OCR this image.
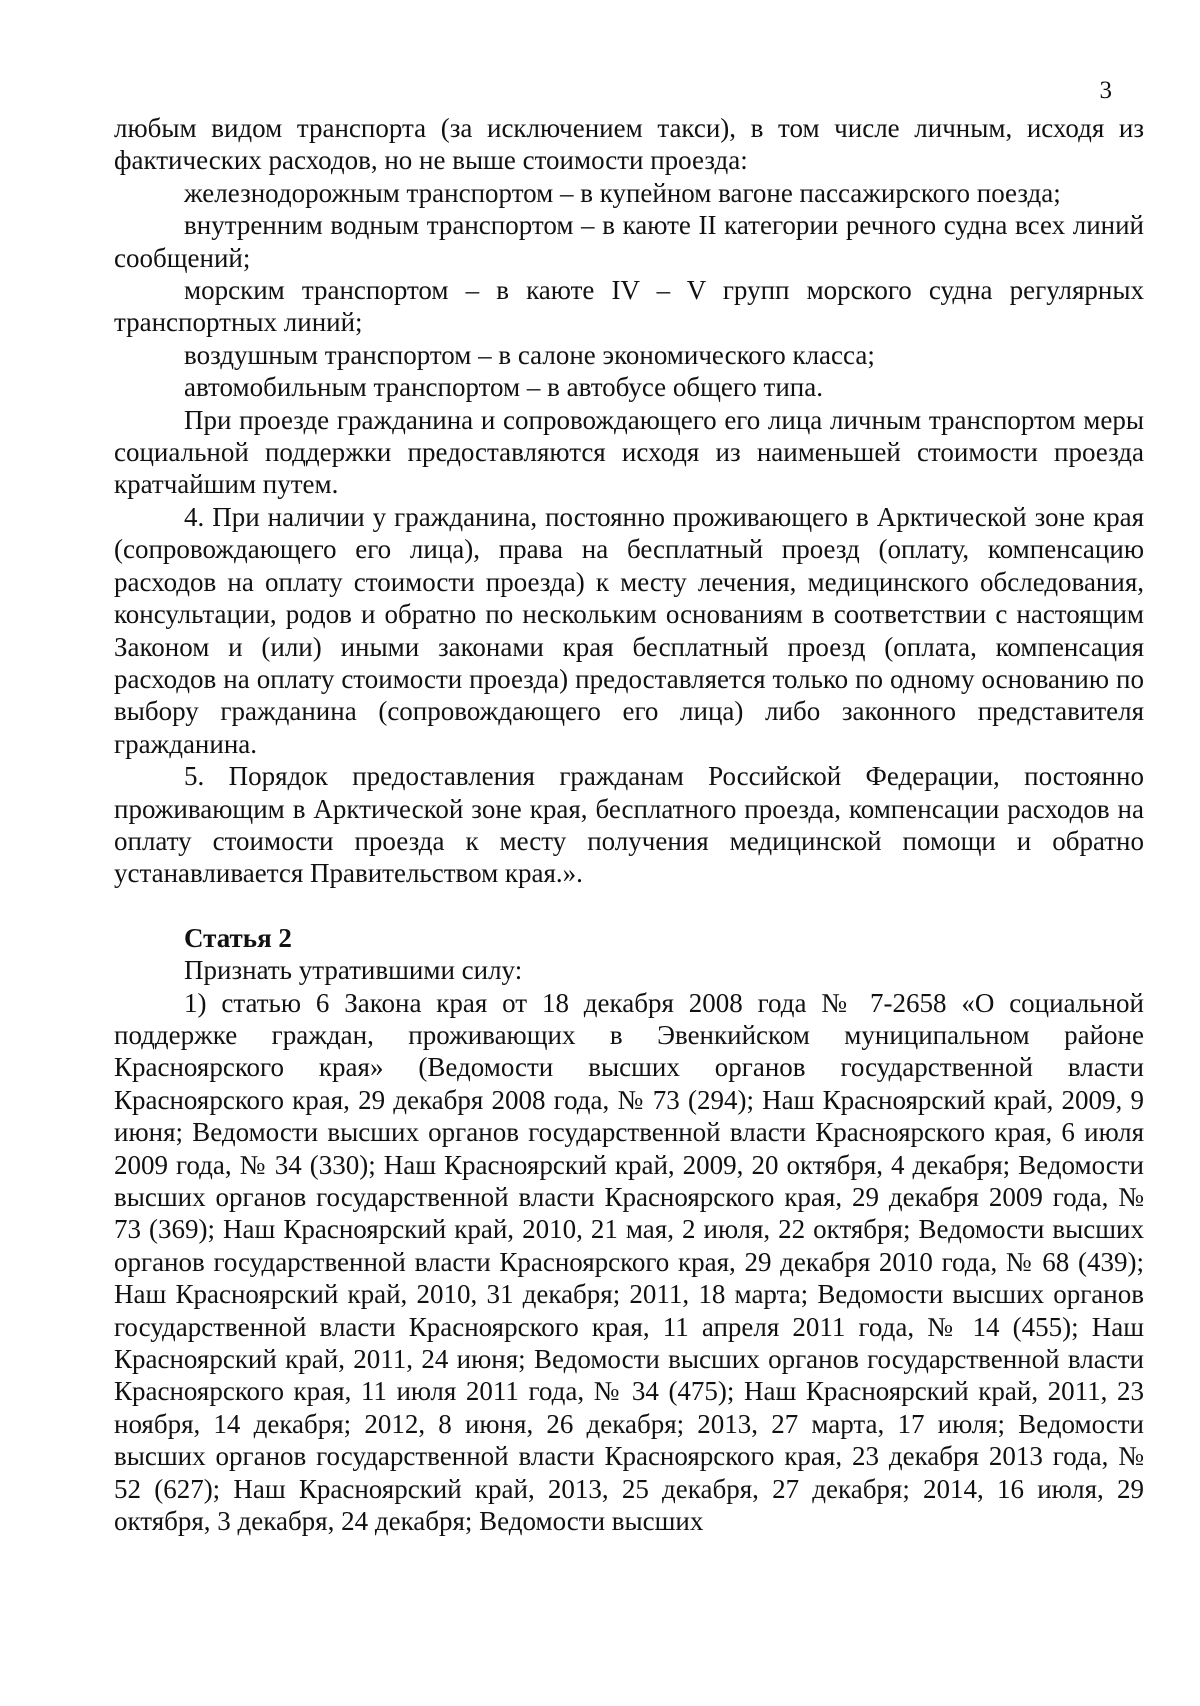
3

любым видом транспорта (за исключением такси), в том числе личным, исходя из фактических расходов, но не выше стоимости проезда:

железнодорожным транспортом – в купейном вагоне пассажирского поезда;

внутренним водным транспортом – в каюте II категории речного судна всех линий сообщений;

морским транспортом – в каюте IV – V групп морского судна регулярных транспортных линий;

воздушным транспортом – в салоне экономического класса;

автомобильным транспортом – в автобусе общего типа.

При проезде гражданина и сопровождающего его лица личным транспортом меры социальной поддержки предоставляются исходя из наименьшей стоимости проезда кратчайшим путем.

4. При наличии у гражданина, постоянно проживающего в Арктической зоне края (сопровождающего его лица), права на бесплатный проезд (оплату, компенсацию расходов на оплату стоимости проезда) к месту лечения, медицинского обследования, консультации, родов и обратно по нескольким основаниям в соответствии с настоящим Законом и (или) иными законами края бесплатный проезд (оплата, компенсация расходов на оплату стоимости проезда) предоставляется только по одному основанию по выбору гражданина (сопровождающего его лица) либо законного представителя гражданина.

5. Порядок предоставления гражданам Российской Федерации, постоянно проживающим в Арктической зоне края, бесплатного проезда, компенсации расходов на оплату стоимости проезда к месту получения медицинской помощи и обратно устанавливается Правительством края.».

Статья 2

Признать утратившими силу:

1) статью 6 Закона края от 18 декабря 2008 года № 7-2658 «О социальной поддержке граждан, проживающих в Эвенкийском муниципальном районе Красноярского края» (Ведомости высших органов государственной власти Красноярского края, 29 декабря 2008 года, № 73 (294); Наш Красноярский край, 2009, 9 июня; Ведомости высших органов государственной власти Красноярского края, 6 июля 2009 года, № 34 (330); Наш Красноярский край, 2009, 20 октября, 4 декабря; Ведомости высших органов государственной власти Красноярского края, 29 декабря 2009 года, № 73 (369); Наш Красноярский край, 2010, 21 мая, 2 июля, 22 октября; Ведомости высших органов государственной власти Красноярского края, 29 декабря 2010 года, № 68 (439); Наш Красноярский край, 2010, 31 декабря; 2011, 18 марта; Ведомости высших органов государственной власти Красноярского края, 11 апреля 2011 года, № 14 (455); Наш Красноярский край, 2011, 24 июня; Ведомости высших органов государственной власти Красноярского края, 11 июля 2011 года, № 34 (475); Наш Красноярский край, 2011, 23 ноября, 14 декабря; 2012, 8 июня, 26 декабря; 2013, 27 марта, 17 июля; Ведомости высших органов государственной власти Красноярского края, 23 декабря 2013 года, № 52 (627); Наш Красноярский край, 2013, 25 декабря, 27 декабря; 2014, 16 июля, 29 октября, 3 декабря, 24 декабря; Ведомости высших
